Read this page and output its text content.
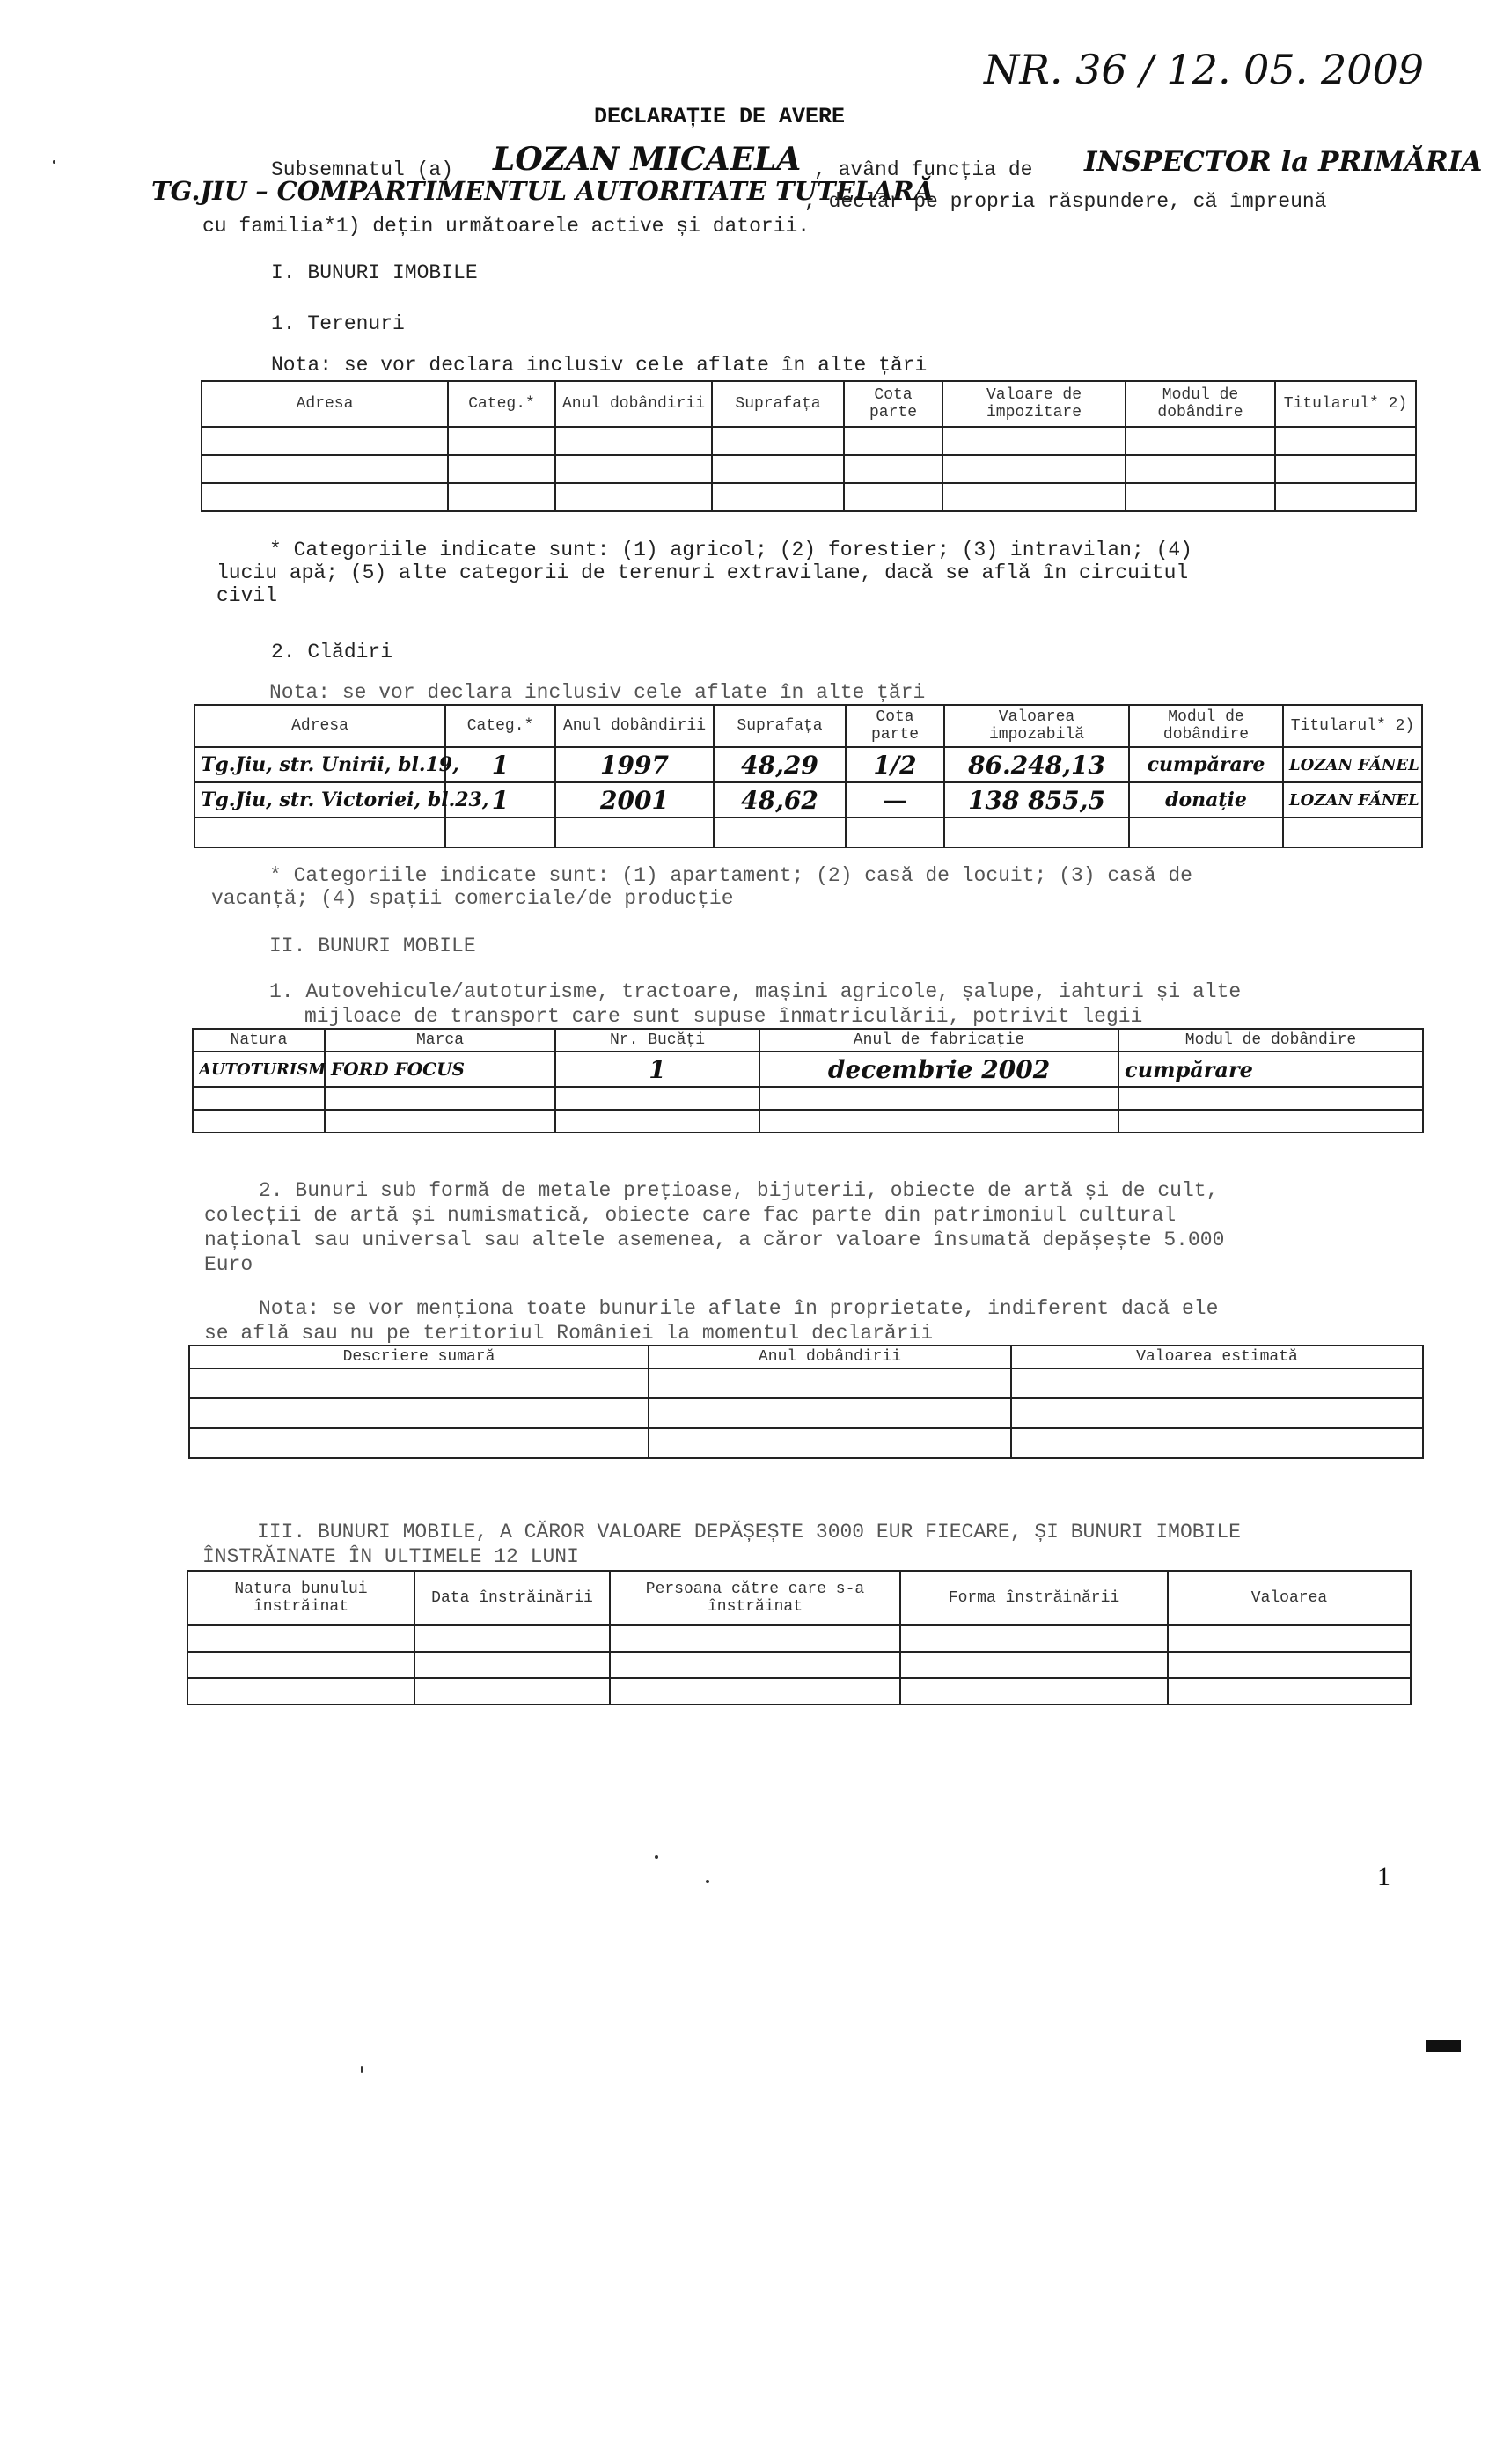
NR. 36 / 12. 05. 2009
DECLARAȚIE DE AVERE
Subsemnatul (a) LOZAN MICAELA , având funcția de INSPECTOR la PRIMĂRIA
TG.JIU – COMPARTIMENTUL AUTORITATE TUTELARĂ
, declar pe propria răspundere, că împreună
cu familia*1) dețin următoarele active și datorii.
I. BUNURI IMOBILE
1. Terenuri
Nota: se vor declara inclusiv cele aflate în alte țări
Adresa	Categ.*	Anul dobândirii	Suprafața	Cota parte	Valoare de impozitare	Modul de dobândire	Titularul* 2)

* Categoriile indicate sunt: (1) agricol; (2) forestier; (3) intravilan; (4)
luciu apă; (5) alte categorii de terenuri extravilane, dacă se află în circuitul
civil
2. Clădiri
Nota: se vor declara inclusiv cele aflate în alte țări
Adresa	Categ.*	Anul dobândirii	Suprafața	Cota parte	Valoarea impozabilă	Modul de dobândire	Titularul* 2)
Tg.Jiu, str. Unirii, bl.19,	1	1997	48,29	1/2	86.248,13	cumpărare	LOZAN FĂNEL
Tg.Jiu, str. Victoriei, bl.23,	1	2001	48,62	—	138 855,5	donație	LOZAN FĂNEL

* Categoriile indicate sunt: (1) apartament; (2) casă de locuit; (3) casă de
vacanță; (4) spații comerciale/de producție
II. BUNURI MOBILE
1. Autovehicule/autoturisme, tractoare, mașini agricole, șalupe, iahturi și alte
mijloace de transport care sunt supuse înmatriculării, potrivit legii
Natura	Marca	Nr. Bucăți	Anul de fabricație	Modul de dobândire
AUTOTURISM	FORD FOCUS	1	decembrie 2002	cumpărare

2. Bunuri sub formă de metale prețioase, bijuterii, obiecte de artă și de cult,
colecții de artă și numismatică, obiecte care fac parte din patrimoniul cultural
național sau universal sau altele asemenea, a căror valoare însumată depășește 5.000
Euro
Nota: se vor menționa toate bunurile aflate în proprietate, indiferent dacă ele
se află sau nu pe teritoriul României la momentul declarării
Descriere sumară	Anul dobândirii	Valoarea estimată

III. BUNURI MOBILE, A CĂROR VALOARE DEPĂȘEȘTE 3000 EUR FIECARE, ȘI BUNURI IMOBILE
ÎNSTRĂINATE ÎN ULTIMELE 12 LUNI
Natura bunului înstrăinat	Data înstrăinării	Persoana către care s-a înstrăinat	Forma înstrăinării	Valoarea

1
